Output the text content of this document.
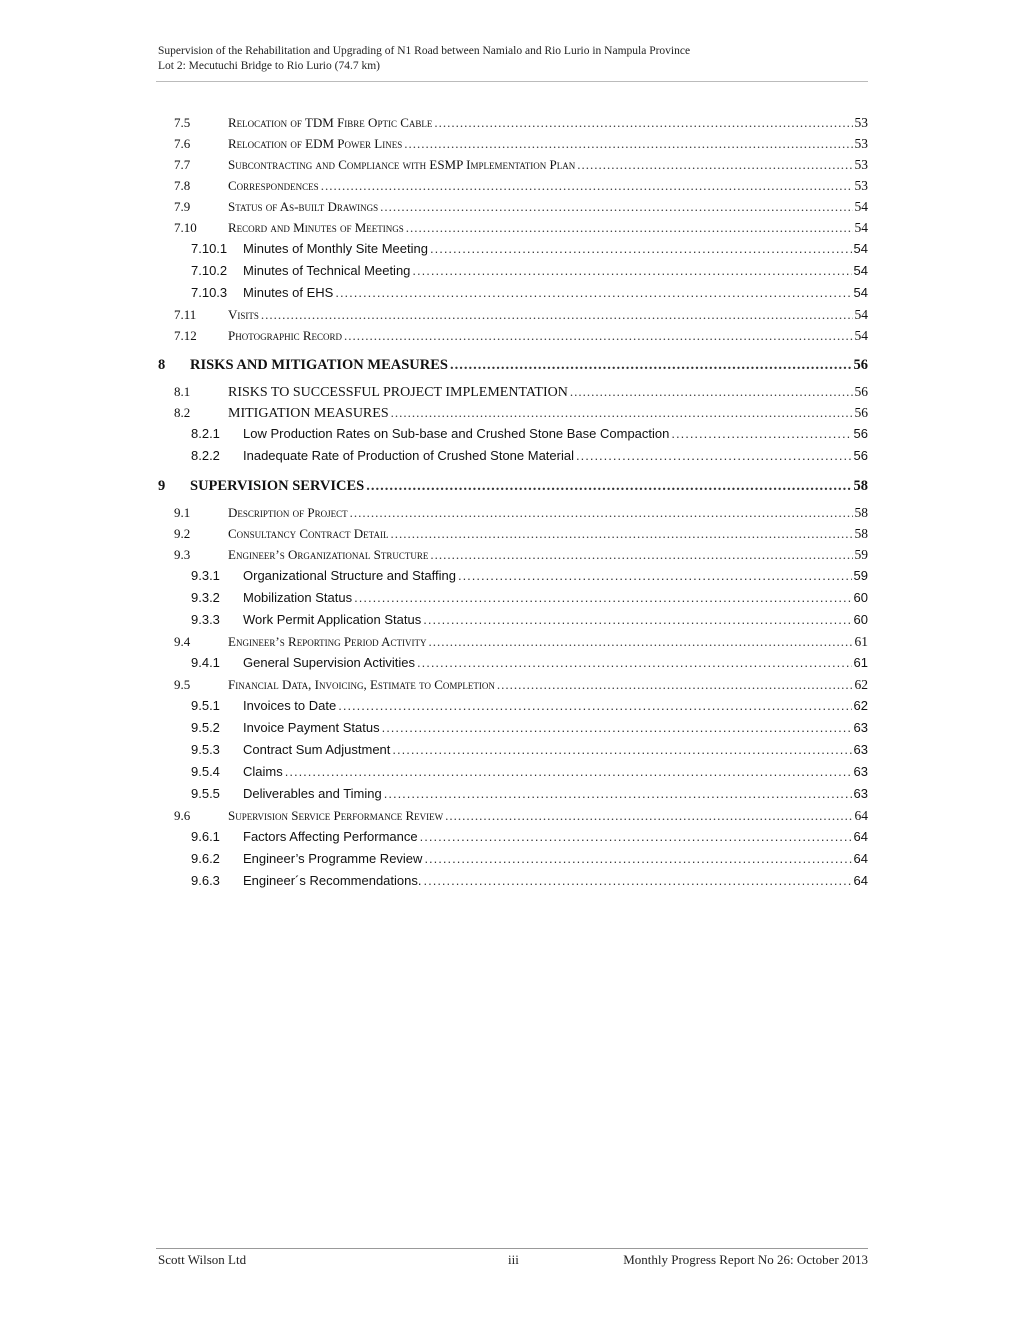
Supervision of the Rehabilitation and Upgrading of N1 Road between Namialo and Rio Lurio in Nampula Province
Lot 2: Mecutuchi Bridge to Rio Lurio (74.7 km)
7.5	Relocation of TDM Fibre Optic Cable .....	53
7.6	Relocation of EDM Power Lines .....	53
7.7	Subcontracting and Compliance with ESMP Implementation Plan .....	53
7.8	Correspondences .....	53
7.9	Status of As-built Drawings .....	54
7.10	Record and Minutes of Meetings .....	54
7.10.1	Minutes of Monthly Site Meeting .....	54
7.10.2	Minutes of Technical Meeting .....	54
7.10.3	Minutes of EHS .....	54
7.11	Visits .....	54
7.12	Photographic Record .....	54
8	RISKS AND MITIGATION MEASURES .....	56
8.1	RISKS TO SUCCESSFUL PROJECT IMPLEMENTATION .....	56
8.2	MITIGATION MEASURES .....	56
8.2.1	Low Production Rates on Sub-base and Crushed Stone Base Compaction .....	56
8.2.2	Inadequate Rate of Production of Crushed Stone Material .....	56
9	SUPERVISION SERVICES .....	58
9.1	Description of Project .....	58
9.2	Consultancy Contract Detail .....	58
9.3	Engineer’s Organizational Structure .....	59
9.3.1	Organizational Structure and Staffing .....	59
9.3.2	Mobilization Status .....	60
9.3.3	Work Permit Application Status .....	60
9.4	Engineer’s Reporting Period Activity .....	61
9.4.1	General Supervision Activities .....	61
9.5	Financial Data, Invoicing, Estimate to Completion .....	62
9.5.1	Invoices to Date .....	62
9.5.2	Invoice Payment Status .....	63
9.5.3	Contract Sum Adjustment .....	63
9.5.4	Claims .....	63
9.5.5	Deliverables and Timing .....	63
9.6	Supervision Service Performance Review .....	64
9.6.1	Factors Affecting Performance .....	64
9.6.2	Engineer’s Programme Review .....	64
9.6.3	Engineer´s Recommendations. .....	64
Scott Wilson Ltd	iii	Monthly Progress Report No 26: October 2013
